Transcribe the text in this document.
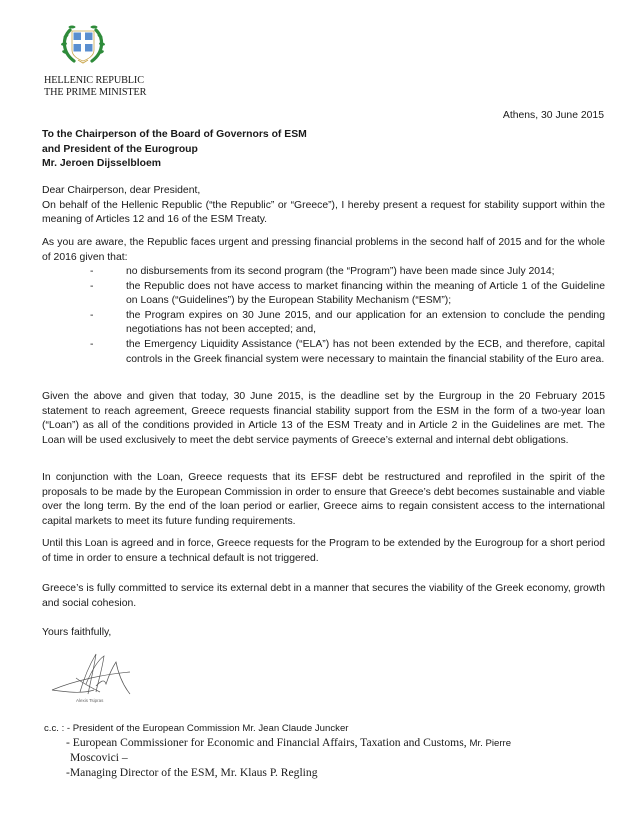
HELLENIC REPUBLIC
THE PRIME MINISTER
Athens, 30 June 2015
To the Chairperson of the Board of Governors of ESM
and President of the Eurogroup
Mr. Jeroen Dijsselbloem

Dear Chairperson, dear President,

On behalf of the Hellenic Republic (“the Republic” or “Greece”), I hereby present a request for stability support within the meaning of Articles 12 and 16 of the ESM Treaty.

As you are aware, the Republic faces urgent and pressing financial problems in the second half of 2015 and for the whole of 2016 given that:
-	no disbursements from its second program (the “Program”) have been made since July 2014;
-	the Republic does not have access to market financing within the meaning of Article 1 of the Guideline on Loans (“Guidelines”) by the European Stability Mechanism (“ESM”);
-	the Program expires on 30 June 2015, and our application for an extension to conclude the pending negotiations has not been accepted; and,
-	the Emergency Liquidity Assistance (“ELA”) has not been extended by the ECB, and therefore, capital controls in the Greek financial system were necessary to maintain the financial stability of the Euro area.
Given the above and given that today, 30 June 2015, is the deadline set by the Eurgroup in the 20 February 2015 statement to reach agreement, Greece requests financial stability support from the ESM in the form of a two-year loan (“Loan”) as all of the conditions provided in Article 13 of the ESM Treaty and in Article 2 in the Guidelines are met. The Loan will be used exclusively to meet the debt service payments of Greece’s external and internal debt obligations.
In conjunction with the Loan, Greece requests that its EFSF debt be restructured and reprofiled in the spirit of the proposals to be made by the European Commission in order to ensure that Greece’s debt becomes sustainable and viable over the long term. By the end of the loan period or earlier, Greece aims to regain consistent access to the international capital markets to meet its future funding requirements.
Until this Loan is agreed and in force, Greece requests for the Program to be extended by the Eurogroup for a short period of time in order to ensure a technical default is not triggered.
Greece’s is fully committed to service its external debt in a manner that secures the viability of the Greek economy, growth and social cohesion.
Yours faithfully,
Alexis Tsipras
c.c. : - President of the European Commission Mr. Jean Claude Juncker
- European Commissioner for Economic and Financial Affairs, Taxation and Customs, Mr. Pierre
Moscovici –
-Managing Director of the ESM, Mr. Klaus P. Regling
